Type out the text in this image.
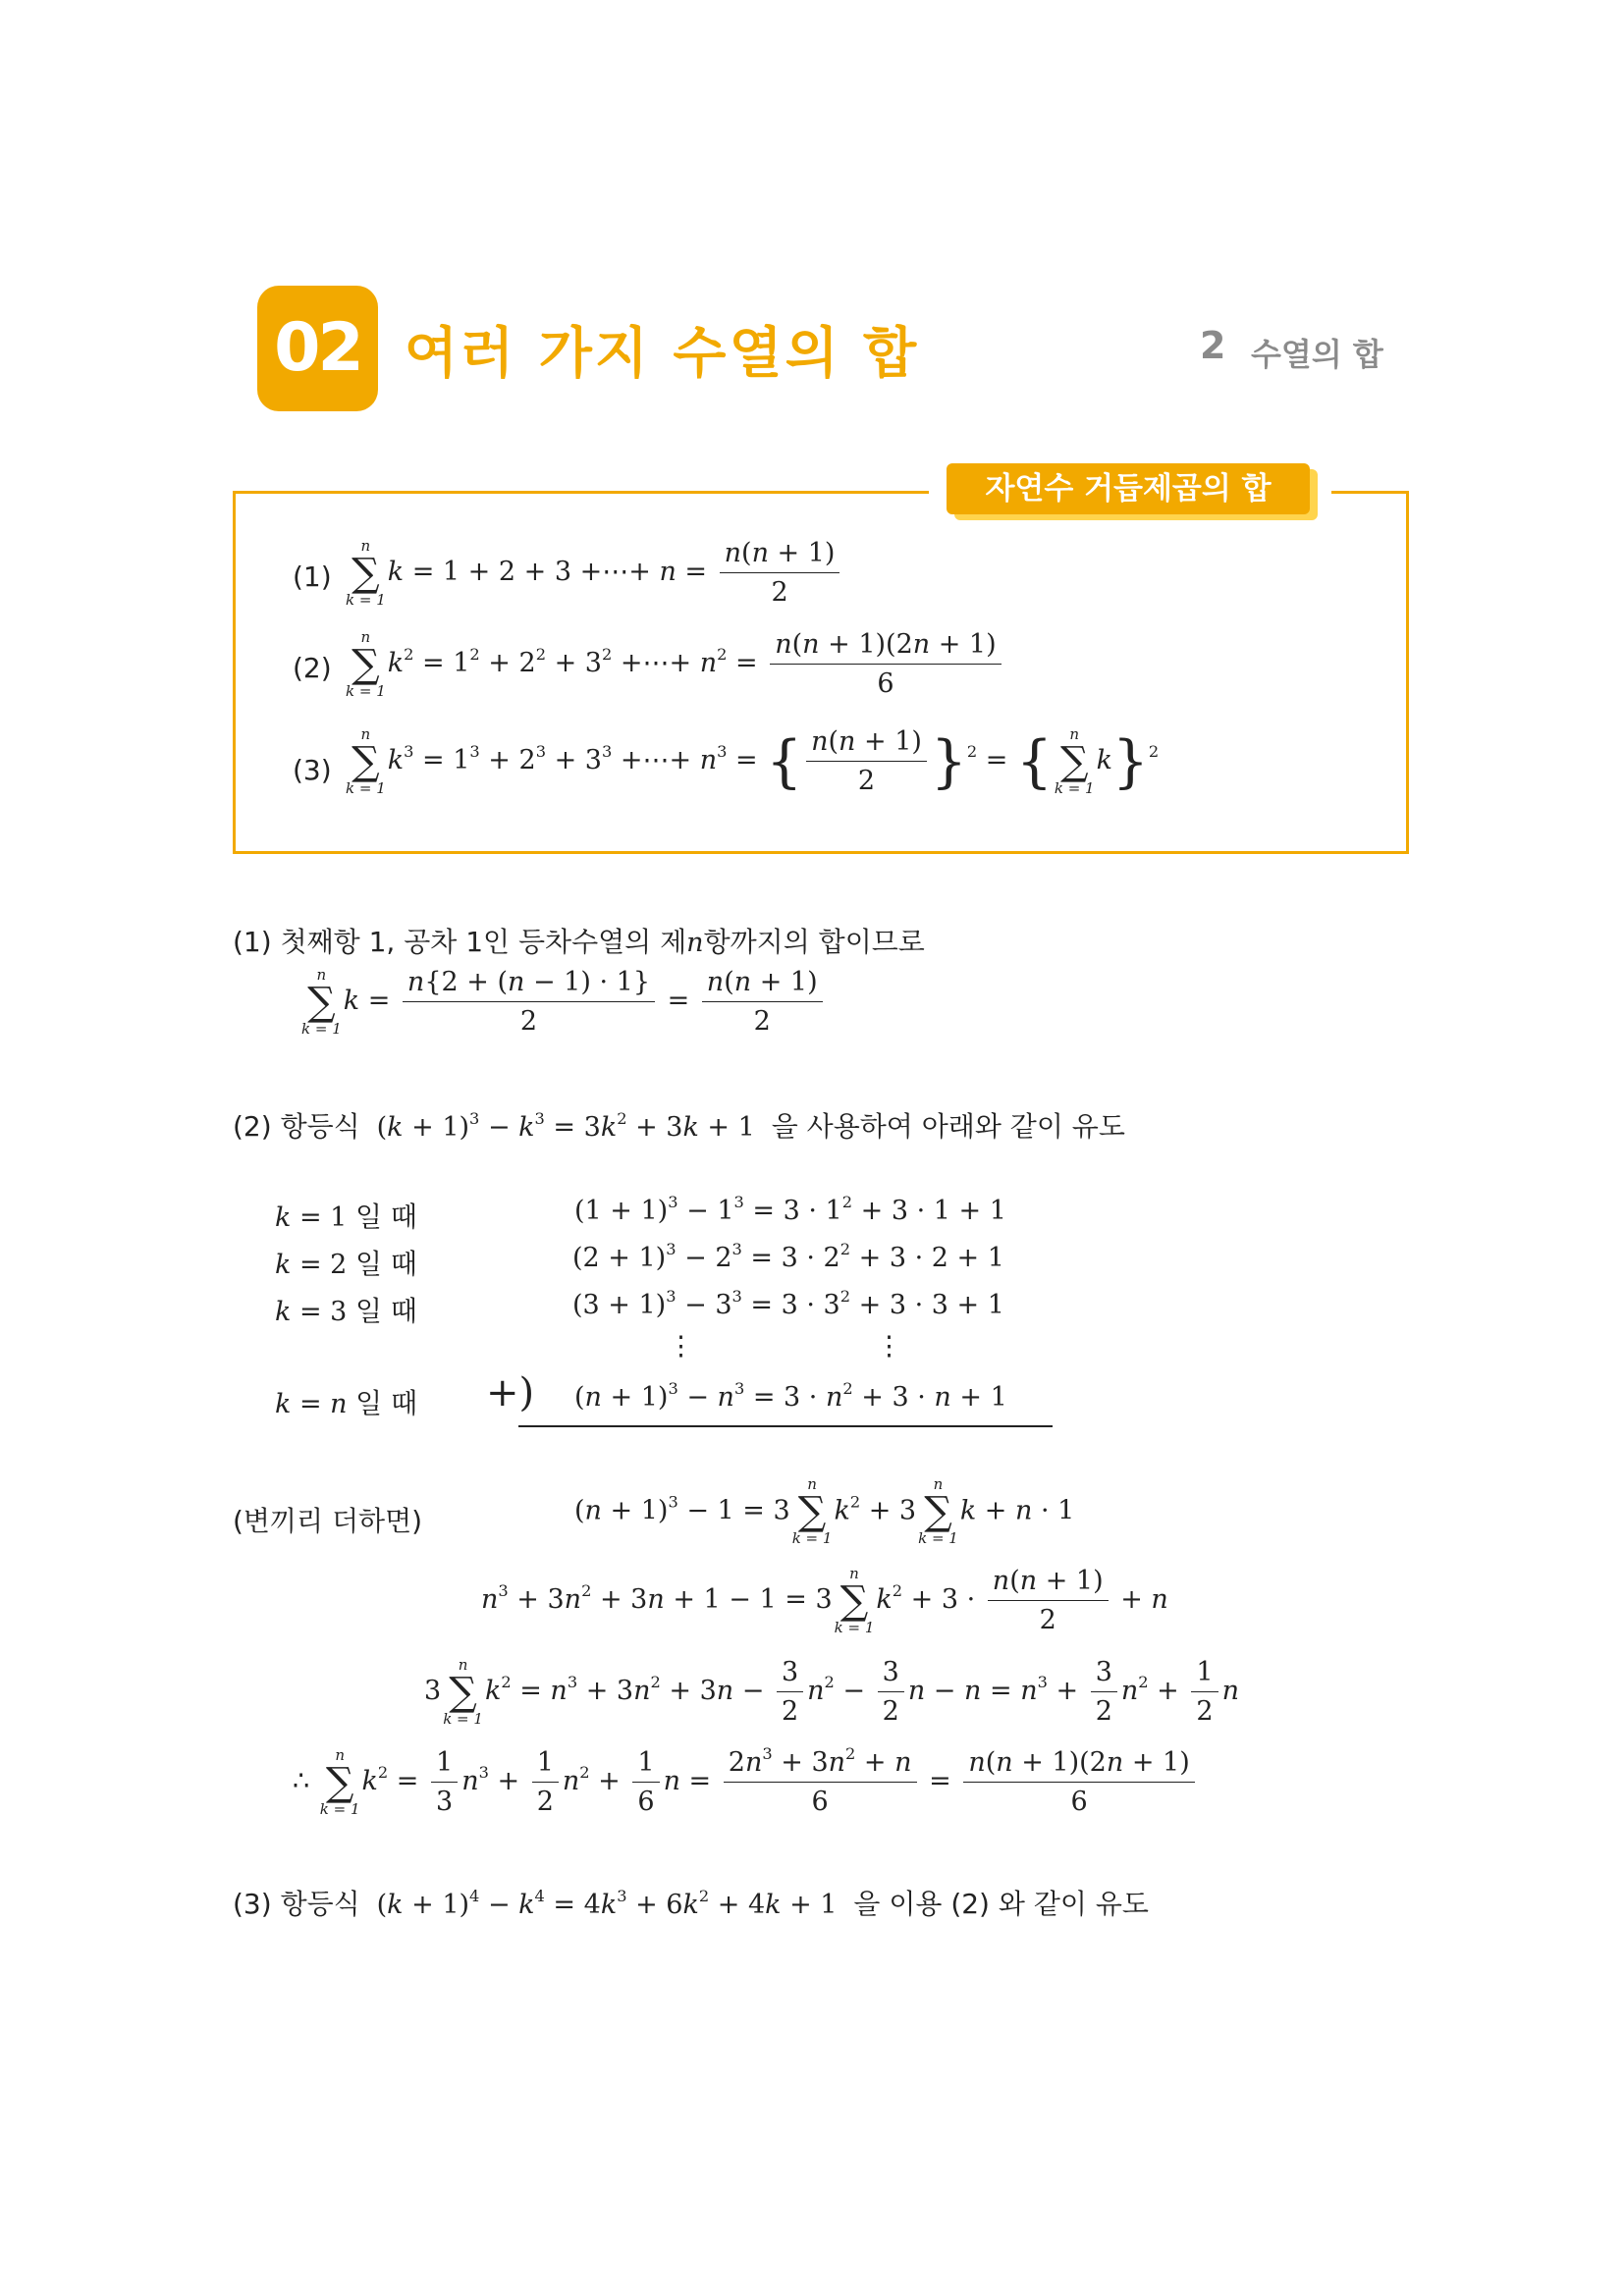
02 여러 가지 수열의 합	2 수열의 합
자연수 거듭제곱의 합
(1)
n
∑
k = 1
k = 1 + 2 + 3 +⋯+ $n = \frac{n(n + 1)}{2}$
(2)
n
∑
k = 1
$k^2 = 1^2 + 2^2 + 3^2$ +⋯+ $n^2 = \frac{n(n + 1)(2n + 1)}{6}$
(3)
n
∑
k = 1
$k^3 = 1^3 + 2^3 + 3^3$ +⋯+ $n^3$ = { $\frac{n(n + 1)}{2} \}^2$ = { n
∑
k = 1
k}$^2$
(1) 첫째항 1, 공차 1인 등차수열의 제n항까지의 합이므로
n
∑
k = 1
$k = \frac{n\{2 + (n - 1) \cdot 1\}}{2} = \frac{n(n + 1)}{2}$
(2) 항등식 $(k + 1)^3 - k^3 = 3k^2 + 3k + 1$ 을 사용하여 아래와 같이 유도
k = 1 일 때	$(1 + 1)^3 - 1^3 = 3 \cdot 1^2 + 3 \cdot 1 + 1$
k = 2 일 때	$(2 + 1)^3 - 2^3 = 3 \cdot 2^2 + 3 \cdot 2 + 1$
k = 3 일 때	$(3 + 1)^3 - 3^3 = 3 \cdot 3^2 + 3 \cdot 3 + 1$
⋮	⋮
k = n 일 때 +) $(n + 1)^3 - n^3 = 3 \cdot n^2 + 3 \cdot n + 1$
(변끼리 더하면)	$(n + 1)^3 - 1 = 3$
n
∑
k = 1
$k^2 + 3$
n
∑
k = 1
k + n · 1
$n^3 + 3n^2 + 3n + 1 - 1 = 3$
n
∑
k = 1
$k^2 + 3 \cdot \frac{n(n + 1)}{2} + n$
3
n
∑
k = 1
$k^2 = n^3 + 3n^2 + 3n - \frac{3}{2} n^2 - \frac{3}{2}$ $n - n = n^3 + \frac{3}{2} n^2 + \frac{1}{2}$ n
∴
n
∑
k = 1
$k^2 = \frac{1}{3} n^3 + \frac{1}{2} n^2 + \frac{1}{6}$ $n = \frac{2n^3 + 3n^2 + n}{6} = \frac{n(n + 1)(2n + 1)}{6}$
(3) 항등식 $(k + 1)^4 - k^4 = 4k^3 + 6k^2 + 4k + 1$ 을 이용 (2) 와 같이 유도
